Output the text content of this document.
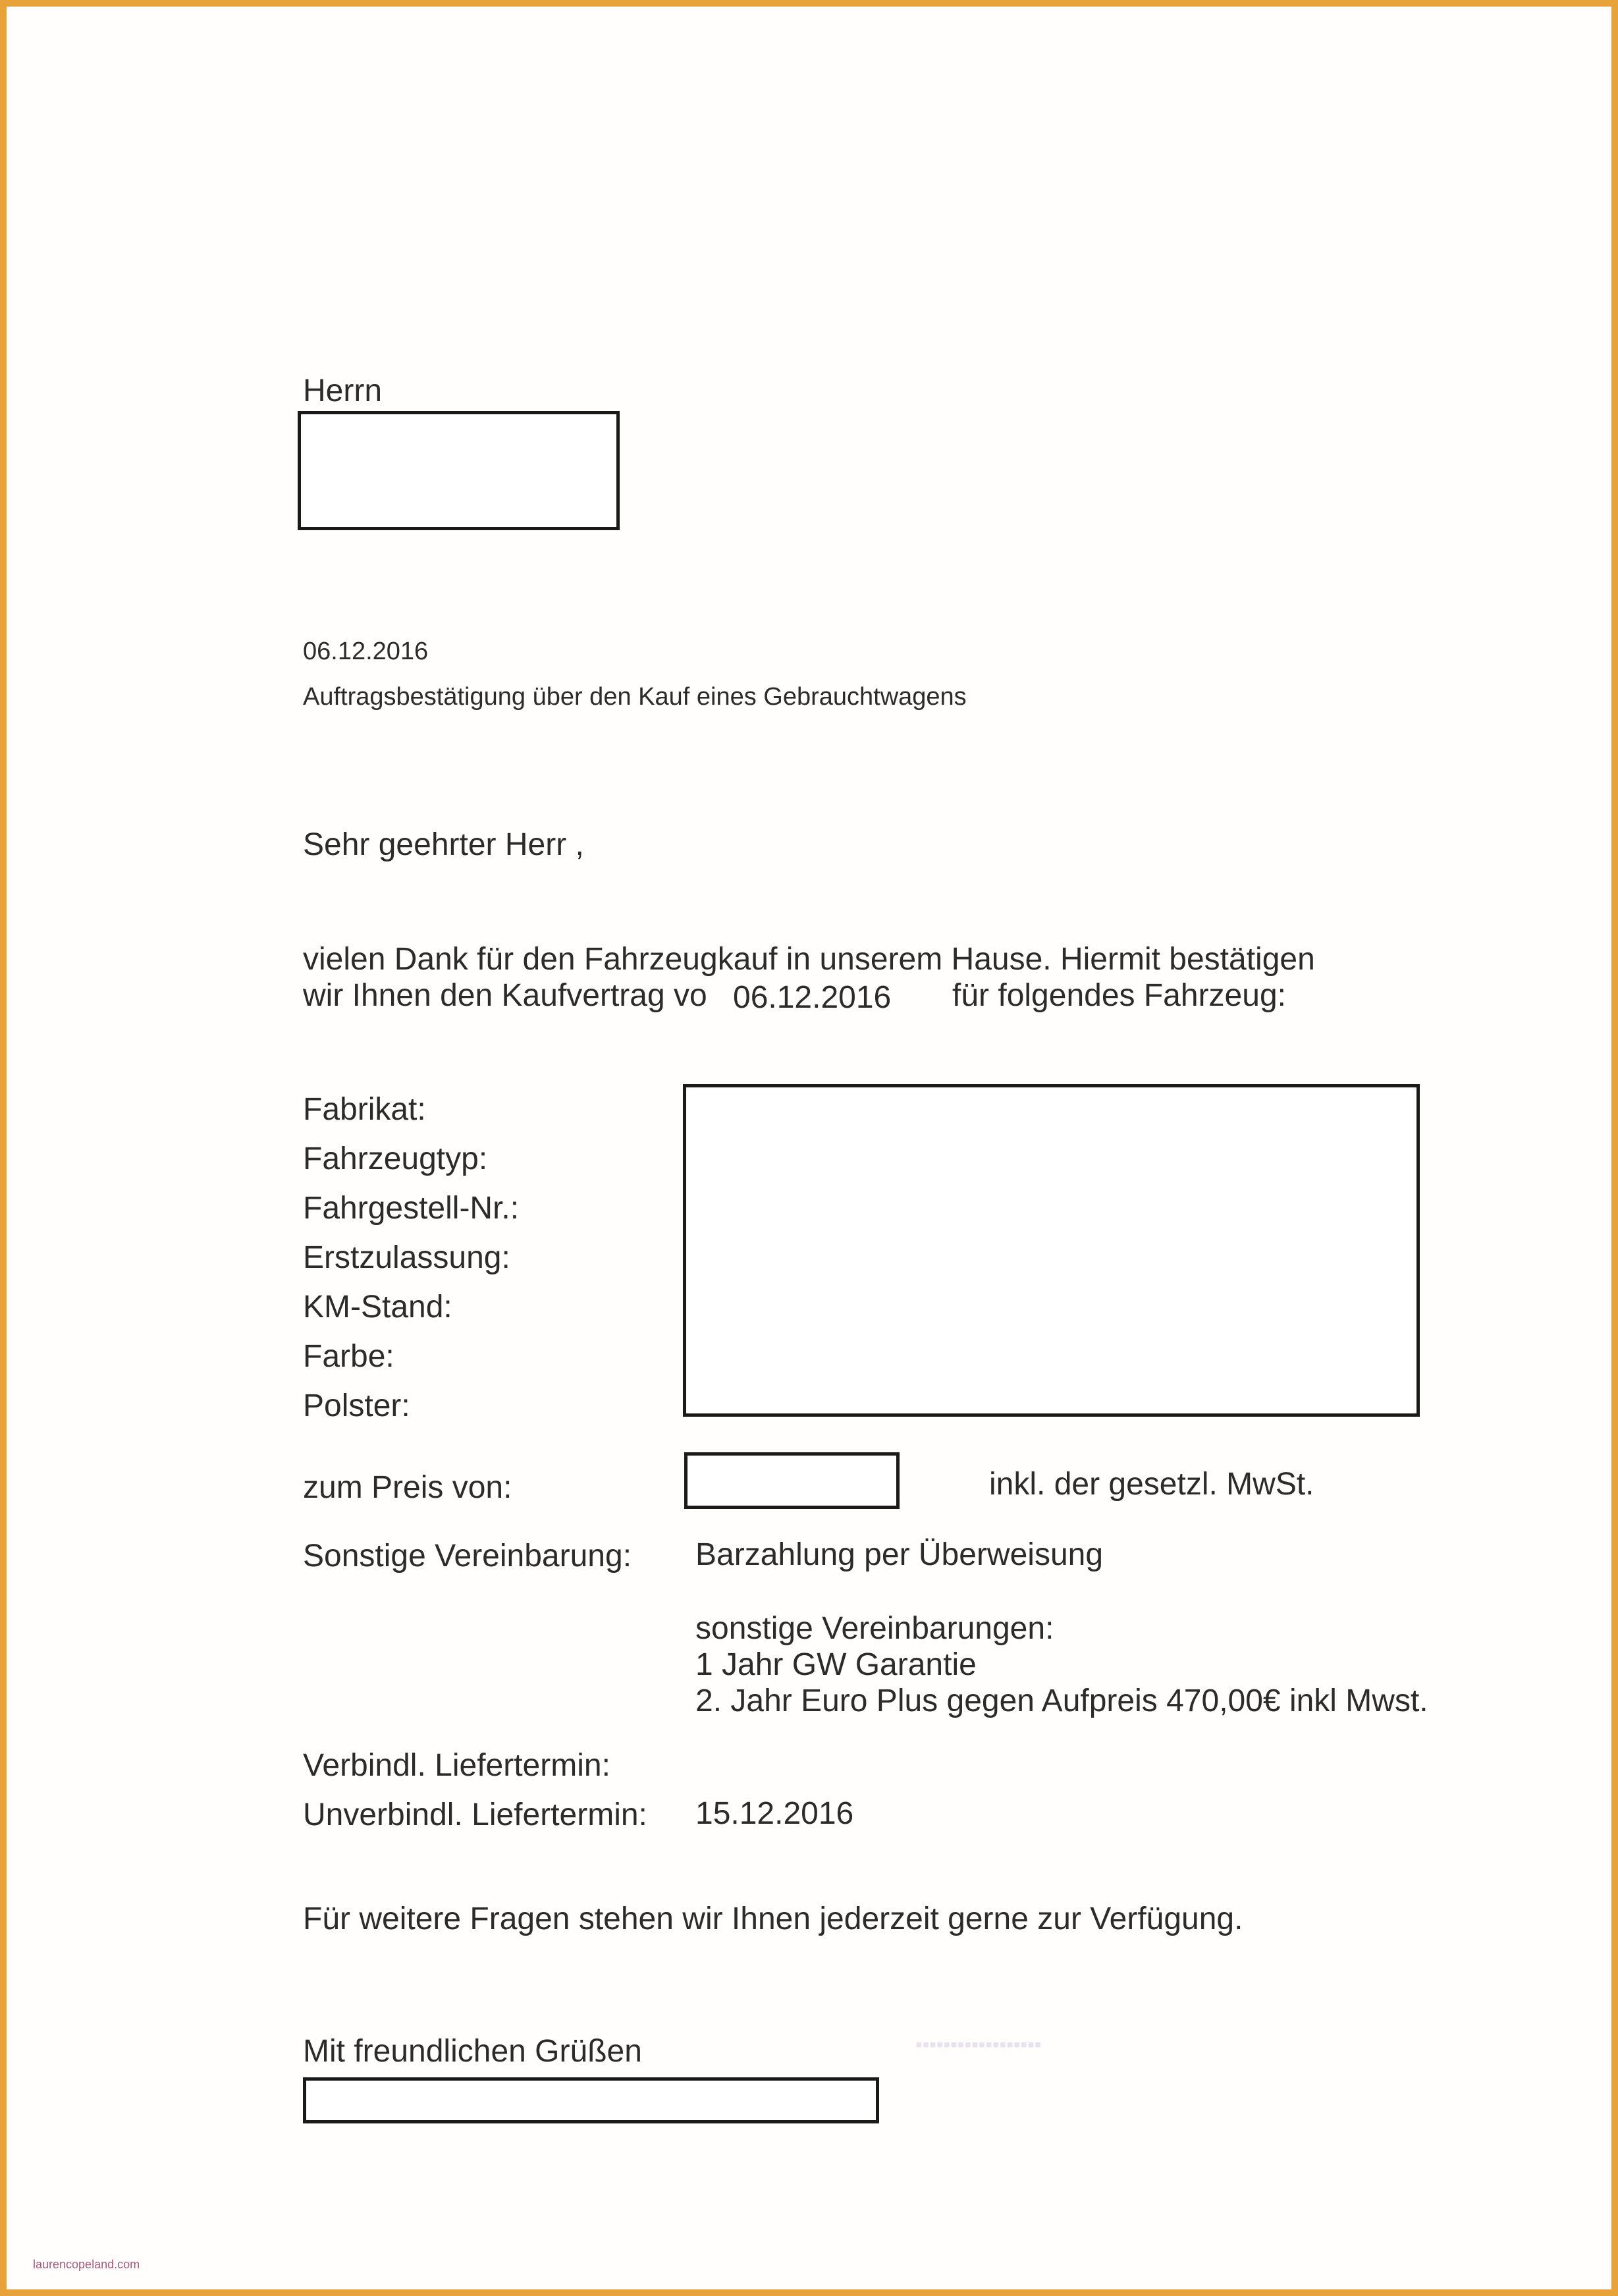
Herrn
06.12.2016
Auftragsbestätigung über den Kauf eines Gebrauchtwagens
Sehr geehrter Herr ,
vielen Dank für den Fahrzeugkauf in unserem Hause. Hiermit bestätigen
wir Ihnen den Kaufvertrag vo 06.12.2016 für folgendes Fahrzeug:
Fabrikat:
Fahrzeugtyp:
Fahrgestell-Nr.:
Erstzulassung:
KM-Stand:
Farbe:
Polster:
zum Preis von:	inkl. der gesetzl. MwSt.
Sonstige Vereinbarung: Barzahlung per Überweisung
sonstige Vereinbarungen:
1 Jahr GW Garantie
2. Jahr Euro Plus gegen Aufpreis 470,00€ inkl Mwst.
Verbindl. Liefertermin:
Unverbindl. Liefertermin: 15.12.2016
Für weitere Fragen stehen wir Ihnen jederzeit gerne zur Verfügung.
Mit freundlichen Grüßen	▪▪▪▪▪▪▪▪▪▪▪▪▪▪▪▪▪▪
laurencopeland.com
